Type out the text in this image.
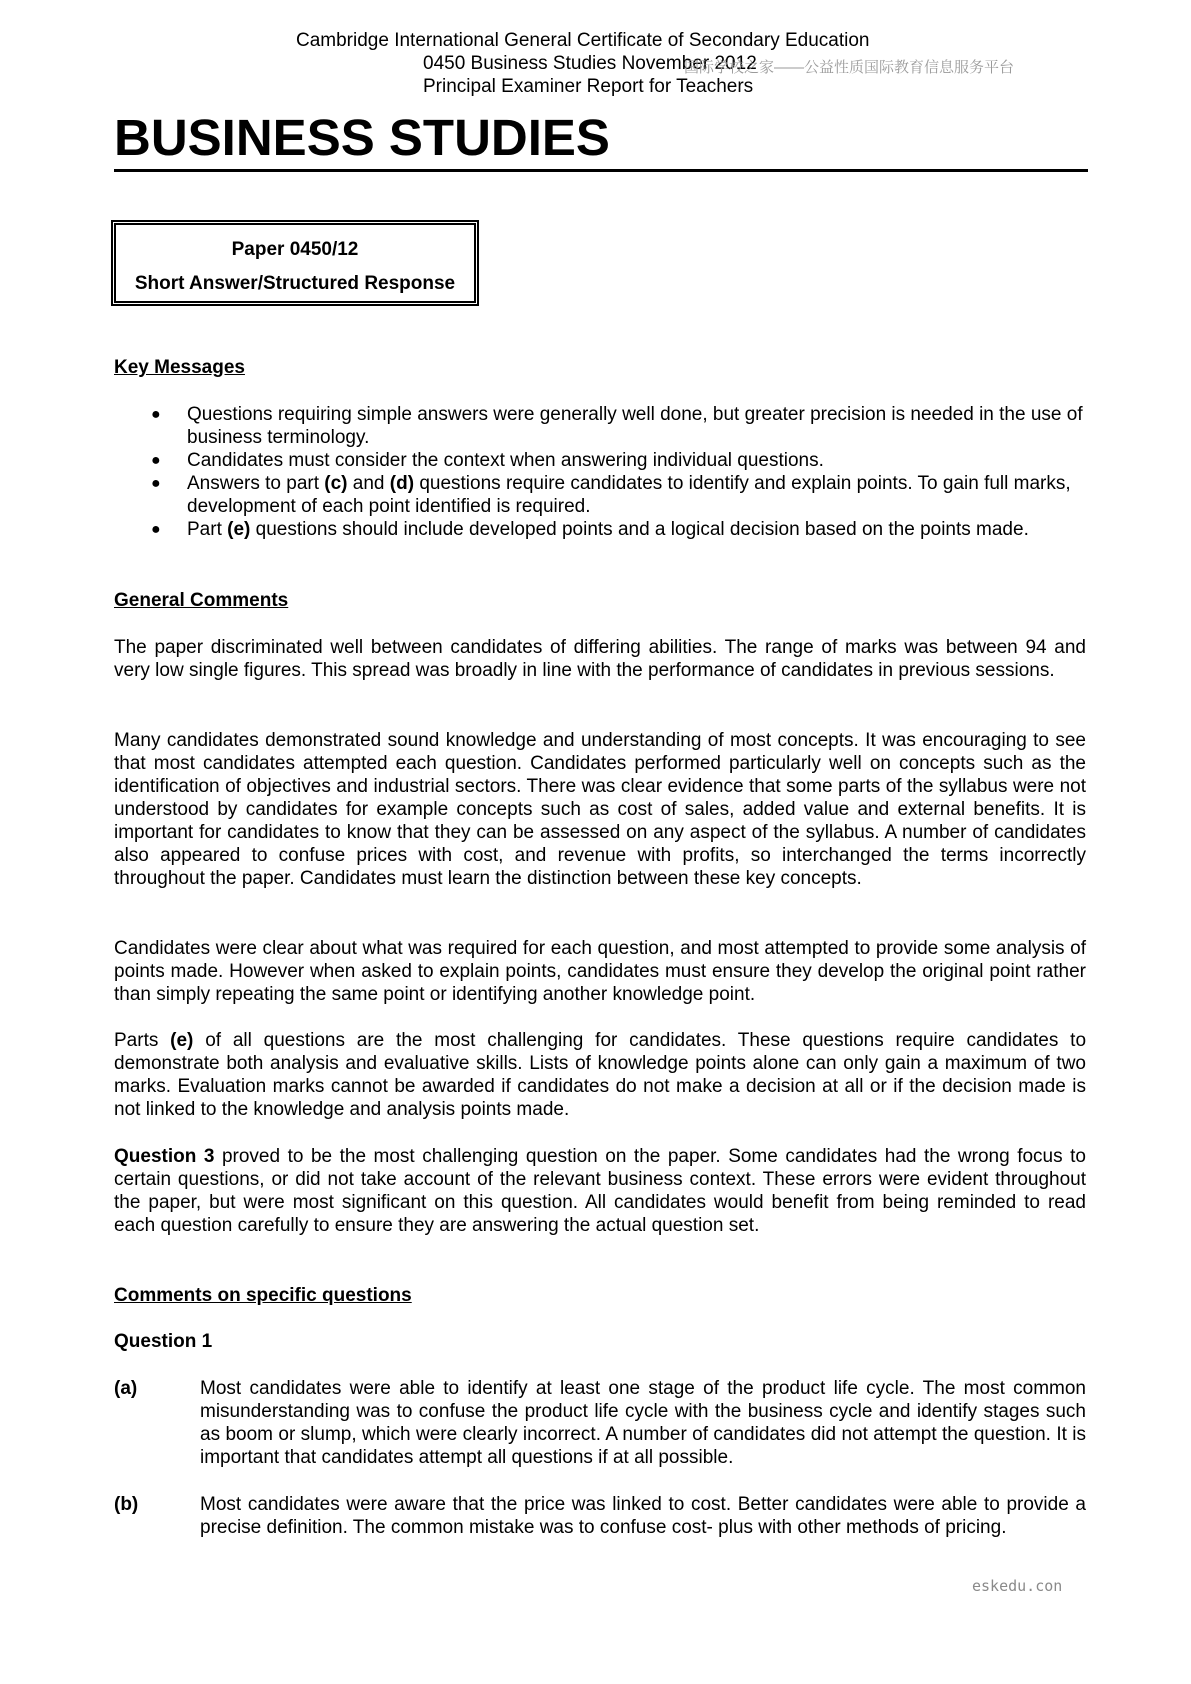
Cambridge International General Certificate of Secondary Education
0450 Business Studies November 2012
国际学校之家——公益性质国际教育信息服务平台
Principal Examiner Report for Teachers
BUSINESS STUDIES
Paper 0450/12
Short Answer/Structured Response
Key Messages
● Questions requiring simple answers were generally well done, but greater precision is needed in the use of business terminology.
● Candidates must consider the context when answering individual questions.
● Answers to part (c) and (d) questions require candidates to identify and explain points. To gain full marks, development of each point identified is required.
● Part (e) questions should include developed points and a logical decision based on the points made.
General Comments
The paper discriminated well between candidates of differing abilities. The range of marks was between 94 and very low single figures. This spread was broadly in line with the performance of candidates in previous sessions.
Many candidates demonstrated sound knowledge and understanding of most concepts. It was encouraging to see that most candidates attempted each question. Candidates performed particularly well on concepts such as the identification of objectives and industrial sectors. There was clear evidence that some parts of the syllabus were not understood by candidates for example concepts such as cost of sales, added value and external benefits. It is important for candidates to know that they can be assessed on any aspect of the syllabus. A number of candidates also appeared to confuse prices with cost, and revenue with profits, so interchanged the terms incorrectly throughout the paper. Candidates must learn the distinction between these key concepts.
Candidates were clear about what was required for each question, and most attempted to provide some analysis of points made. However when asked to explain points, candidates must ensure they develop the original point rather than simply repeating the same point or identifying another knowledge point.
Parts (e) of all questions are the most challenging for candidates. These questions require candidates to demonstrate both analysis and evaluative skills. Lists of knowledge points alone can only gain a maximum of two marks. Evaluation marks cannot be awarded if candidates do not make a decision at all or if the decision made is not linked to the knowledge and analysis points made.
Question 3 proved to be the most challenging question on the paper. Some candidates had the wrong focus to certain questions, or did not take account of the relevant business context. These errors were evident throughout the paper, but were most significant on this question. All candidates would benefit from being reminded to read each question carefully to ensure they are answering the actual question set.
Comments on specific questions
Question 1
(a)	Most candidates were able to identify at least one stage of the product life cycle. The most common misunderstanding was to confuse the product life cycle with the business cycle and identify stages such as boom or slump, which were clearly incorrect. A number of candidates did not attempt the question. It is important that candidates attempt all questions if at all possible.
(b)	Most candidates were aware that the price was linked to cost. Better candidates were able to provide a precise definition. The common mistake was to confuse cost- plus with other methods of pricing.
eskedu.con
